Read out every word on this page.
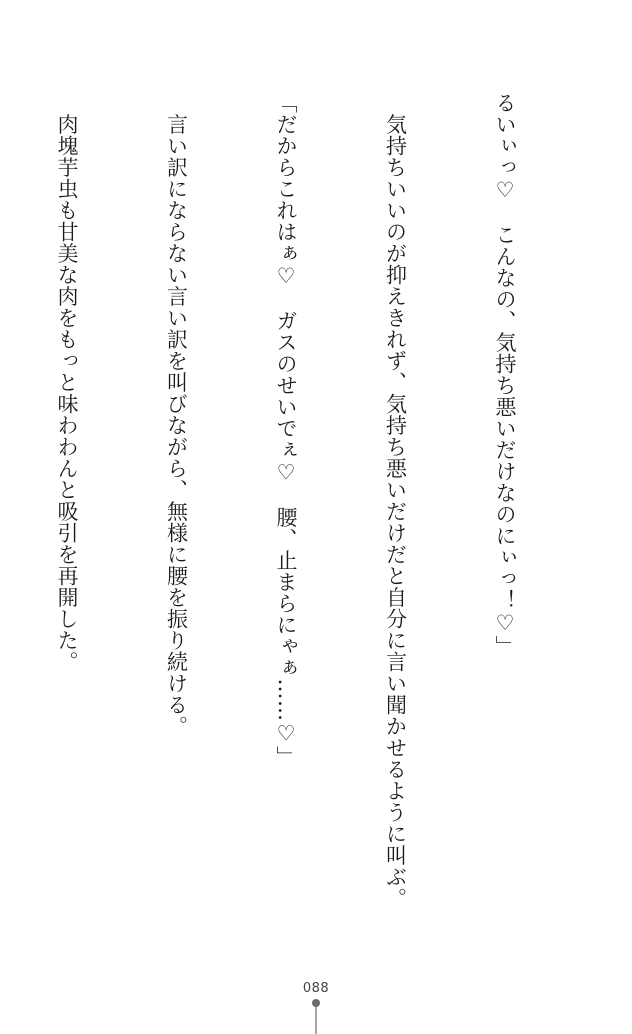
るいぃっ♡　こんなの、気持ち悪いだけなのにぃっ！♡」

　気持ちいいのが抑えきれず、気持ち悪いだけだと自分に言い聞かせるように叫ぶ。

「だからこれはぁ♡　ガスのせいでぇ♡　腰、止まらにゃぁ……♡」

　言い訳にならない言い訳を叫びながら、無様に腰を振り続ける。

　肉塊芋虫も甘美な肉をもっと味わわんと吸引を再開した。

088
